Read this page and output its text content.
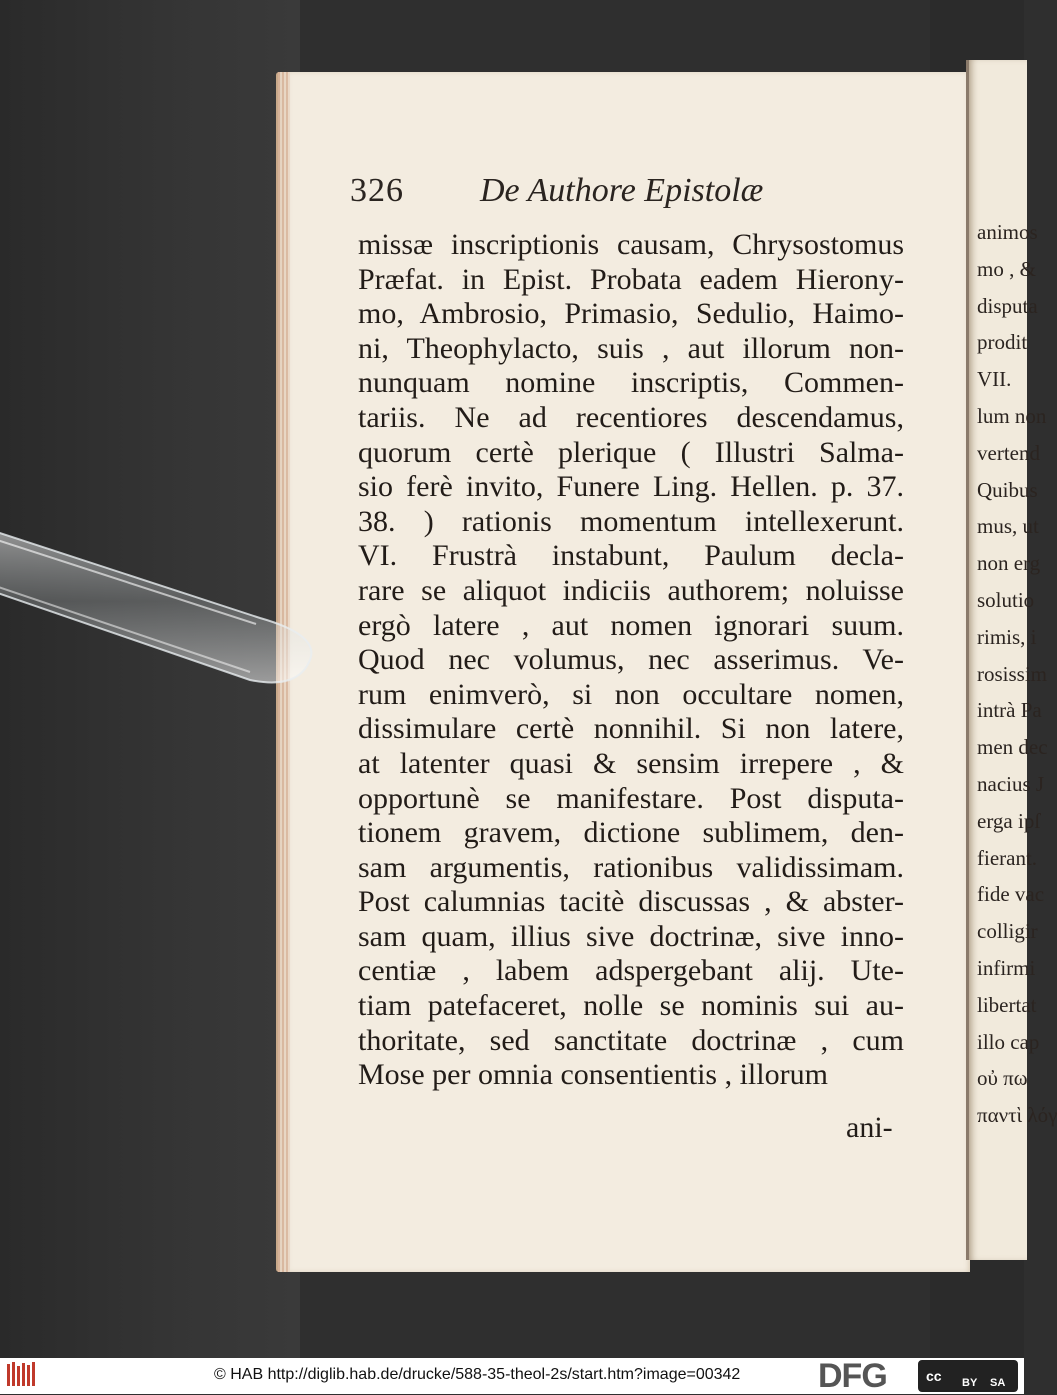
animos
mo , &
disputa
prodit
VII.
lum non
vertend
Quibus
mus, ut
non erg
solutio
rimis, i
rosissim
intrà Pa
men dec
nacius J
erga ipſ
fierant.
fide vac
colligir
infirmi
libertat
illo cap
οὐ πω
παντὶ λόγ
326 De Authore Epistolæ
missæ inscriptionis causam, Chrysostomus
Præfat. in Epist. Probata eadem Hierony-
mo, Ambrosio, Primasio, Sedulio, Haimo-
ni, Theophylacto, suis , aut illorum non-
nunquam nomine inscriptis, Commen-
tariis. Ne ad recentiores descendamus,
quorum certè plerique ( Illustri Salma-
sio ferè invito, Funere Ling. Hellen. p. 37.
38. ) rationis momentum intellexerunt.
VI. Frustrà instabunt, Paulum decla-
rare se aliquot indiciis authorem; noluisse
ergò latere , aut nomen ignorari suum.
Quod nec volumus, nec asserimus. Ve-
rum enimverò, si non occultare nomen,
dissimulare certè nonnihil. Si non latere,
at latenter quasi & sensim irrepere , &
opportunè se manifestare. Post disputa-
tionem gravem, dictione sublimem, den-
sam argumentis, rationibus validissimam.
Post calumnias tacitè discussas , & abster-
sam quam, illius sive doctrinæ, sive inno-
centiæ , labem adspergebant alij. Ute-
tiam patefaceret, nolle se nominis sui au-
thoritate, sed sanctitate doctrinæ , cum
Mose per omnia consentientis , illorum
ani-
© HAB http://diglib.hab.de/drucke/588-35-theol-2s/start.htm?image=00342 DFG	cc BY SA
